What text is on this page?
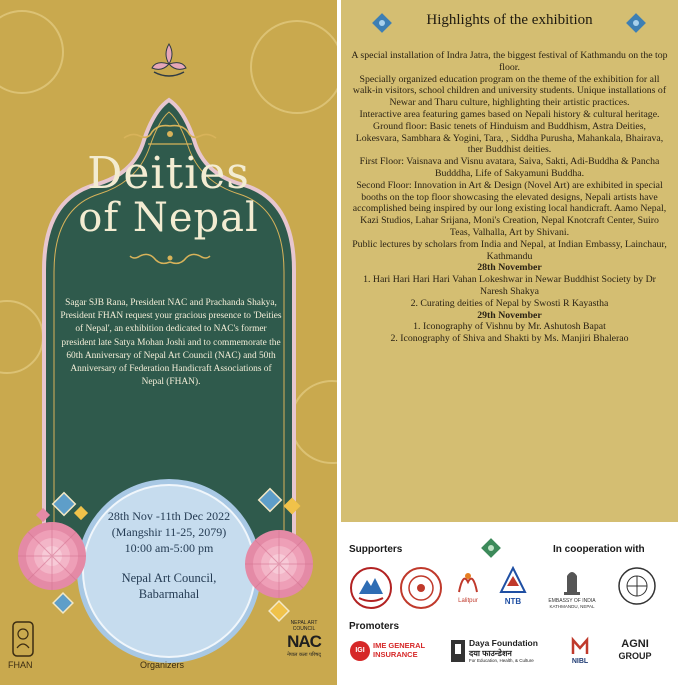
Deities
of Nepal
Sagar SJB Rana, President NAC and Prachanda Shakya, President FHAN request your gracious presence to 'Deities of Nepal', an exhibition dedicated to NAC's former president late Satya Mohan Joshi and to commemorate the 60th Anniversary of Nepal Art Council (NAC) and 50th Anniversary of Federation Handicraft Associations of Nepal (FHAN).
28th Nov -11th Dec 2022
(Mangshir 11-25, 2079)
10:00 am-5:00 pm
Nepal Art Council,
Babarmahal
FHAN	Organizers
NEPAL ART COUNCIL
NAC
नेपाल कला परिषद्
Highlights of the exhibition

A special installation of Indra Jatra, the biggest festival of Kathmandu on the top floor.

Specially organized education program on the theme of the exhibition for all walk-in visitors, school children and university students. Unique installations of Newar and Tharu culture, highlighting their artistic practices.

Interactive area featuring games based on Nepali history & cultural heritage.

Ground floor: Basic tenets of Hinduism and Buddhism, Astra Deities, Lokesvara, Sambhara & Yogini, Tara, , Siddha Purusha, Mahankala, Bhairava, ther Buddhist deities.

First Floor: Vaisnava and Visnu avatara, Saiva, Sakti, Adi-Buddha & Pancha Budddha, Life of Sakyamuni Buddha.

Second Floor: Innovation in Art & Design (Novel Art) are exhibited in special booths on the top floor showcasing the elevated designs, Nepali artists have accomplished being inspired by our long existing local handicraft. Aamo Nepal, Kazi Studios, Lahar Srijana, Moni's Creation, Nepal Knotcraft Center, Suiro Teas, Valhalla, Art by Shivani.

Public lectures by scholars from India and Nepal, at Indian Embassy, Lainchaur, Kathmandu

28th November

1. Hari Hari Hari Hari Vahan Lokeshwar in Newar Buddhist Society by Dr Naresh Shakya

2. Curating deities of Nepal by Swosti R Kayastha

29th November

1. Iconography of Vishnu by Mr. Ashutosh Bapat

2. Iconography of Shiva and Shakti by Ms. Manjiri Bhalerao

Supporters	In cooperation with
Lalitpur	NTB	EMBASSY OF INDIA
KATHMANDU, NEPAL
Promoters
IGI
IME GENERAL
INSURANCE
Daya Foundation
दया फाउन्डेशन
For Education, Health, & Culture	NIBL
AGNI
GROUP
